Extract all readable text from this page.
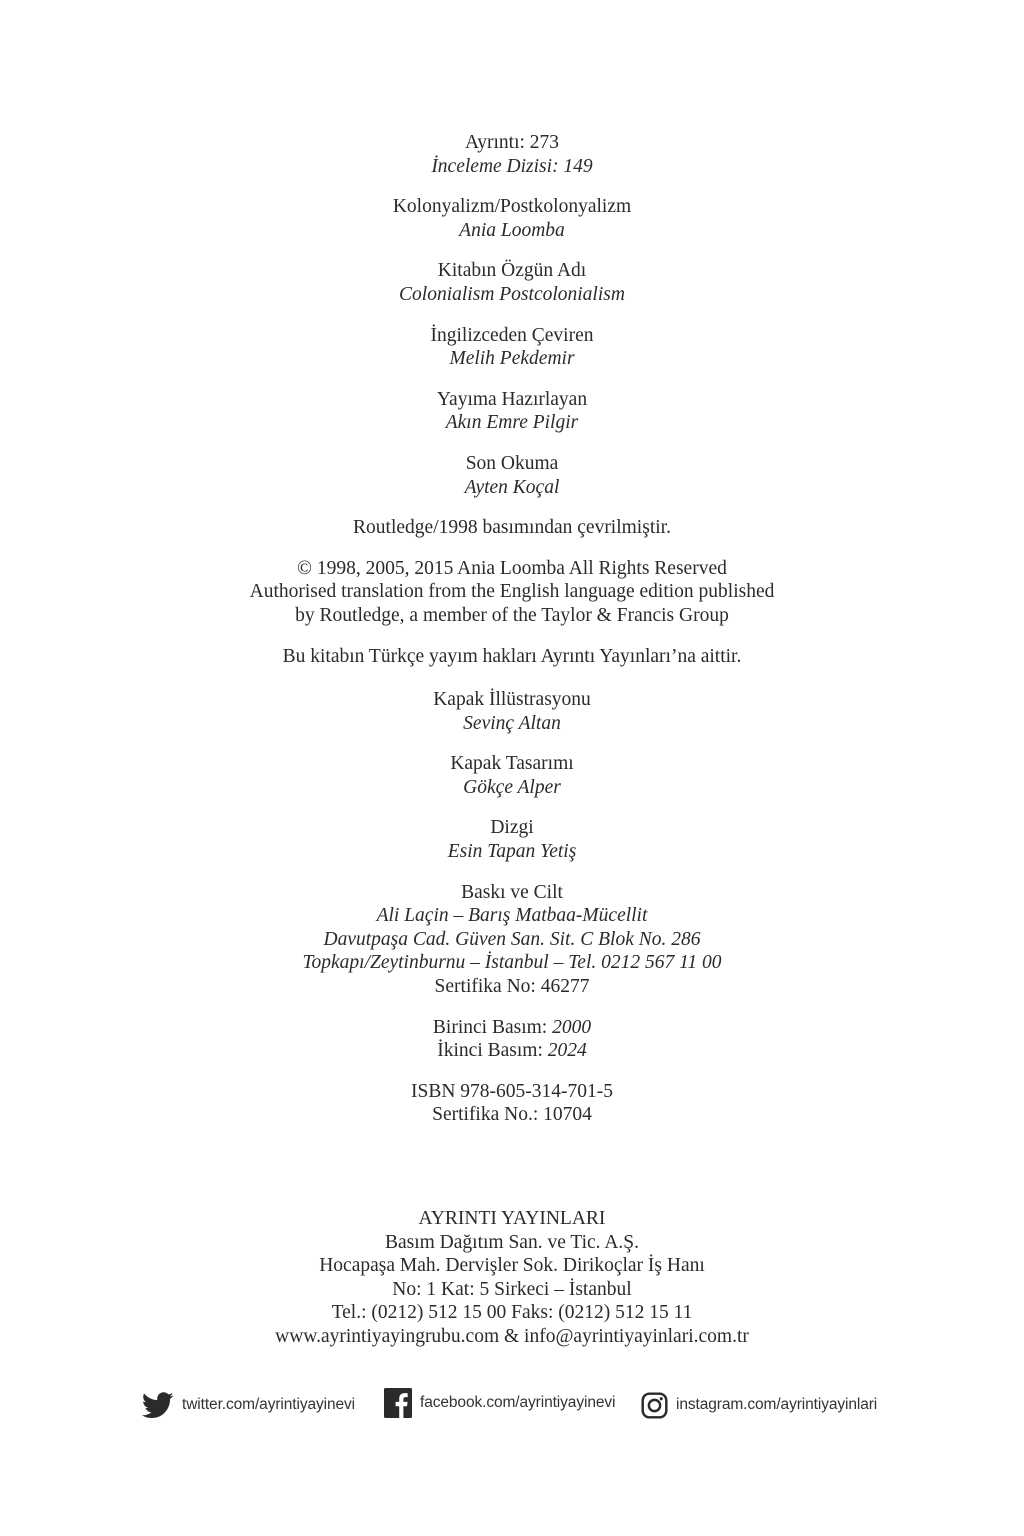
Ayrıntı: 273
İnceleme Dizisi: 149
Kolonyalizm/Postkolonyalizm
Ania Loomba
Kitabın Özgün Adı
Colonialism Postcolonialism
İngilizceden Çeviren
Melih Pekdemir
Yayıma Hazırlayan
Akın Emre Pilgir
Son Okuma
Ayten Koçal
Routledge/1998 basımından çevrilmiştir.
© 1998, 2005, 2015 Ania Loomba All Rights Reserved
Authorised translation from the English language edition published
by Routledge, a member of the Taylor & Francis Group
Bu kitabın Türkçe yayım hakları Ayrıntı Yayınları’na aittir.
Kapak İllüstrasyonu
Sevinç Altan
Kapak Tasarımı
Gökçe Alper
Dizgi
Esin Tapan Yetiş
Baskı ve Cilt
Ali Laçin – Barış Matbaa-Mücellit
Davutpaşa Cad. Güven San. Sit. C Blok No. 286
Topkapı/Zeytinburnu – İstanbul – Tel. 0212 567 11 00
Sertifika No: 46277
Birinci Basım: 2000
İkinci Basım: 2024
ISBN 978-605-314-701-5
Sertifika No.: 10704
AYRINTI YAYINLARI
Basım Dağıtım San. ve Tic. A.Ş.
Hocapaşa Mah. Dervişler Sok. Dirikoçlar İş Hanı
No: 1 Kat: 5 Sirkeci – İstanbul
Tel.: (0212) 512 15 00 Faks: (0212) 512 15 11
www.ayrintiyayingrubu.com & info@ayrintiyayinlari.com.tr
twitter.com/ayrintiyayinevi	facebook.com/ayrintiyayinevi	instagram.com/ayrintiyayinlari
